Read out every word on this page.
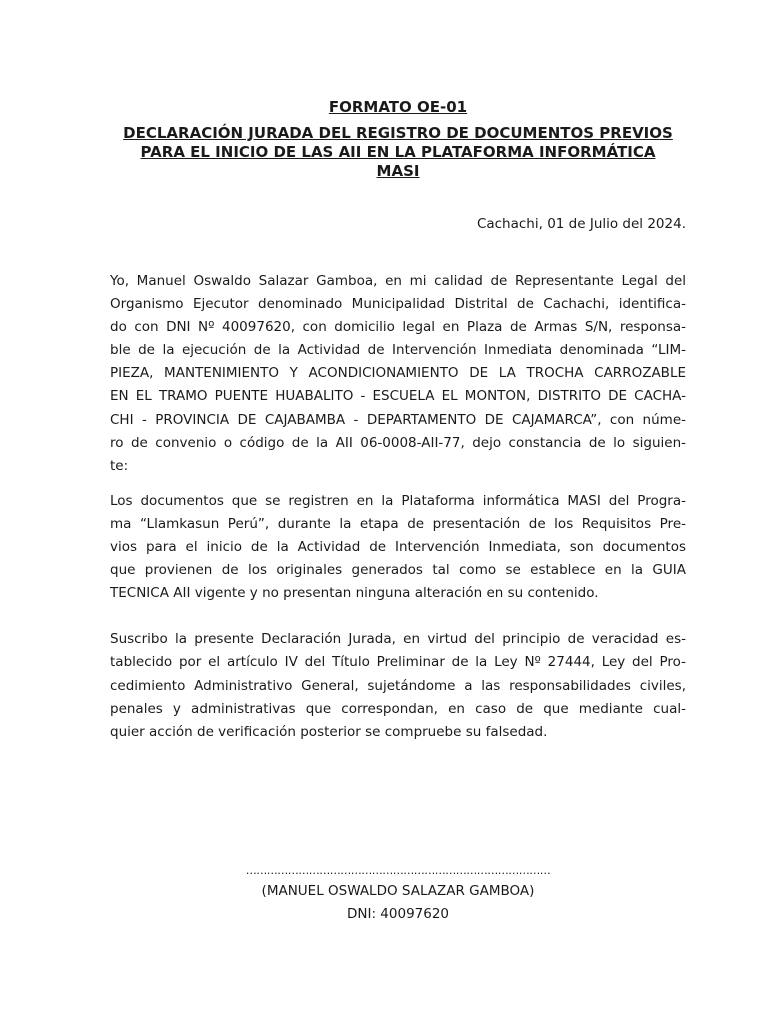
FORMATO OE-01

DECLARACIÓN JURADA DEL REGISTRO DE DOCUMENTOS PREVIOS
PARA EL INICIO DE LAS AII EN LA PLATAFORMA INFORMÁTICA
MASI

Cachachi, 01 de Julio del 2024.

Yo, Manuel Oswaldo Salazar Gamboa, en mi calidad de Representante Legal del
Organismo Ejecutor denominado Municipalidad Distrital de Cachachi, identifica-
do con DNI Nº 40097620, con domicilio legal en Plaza de Armas S/N, responsa-
ble de la ejecución de la Actividad de Intervención Inmediata denominada “LIM-
PIEZA, MANTENIMIENTO Y ACONDICIONAMIENTO DE LA TROCHA CARROZABLE
EN EL TRAMO PUENTE HUABALITO - ESCUELA EL MONTON, DISTRITO DE CACHA-
CHI - PROVINCIA DE CAJABAMBA - DEPARTAMENTO DE CAJAMARCA”, con núme-
ro de convenio o código de la AII 06-0008-AII-77, dejo constancia de lo siguien-
te:
Los documentos que se registren en la Plataforma informática MASI del Progra-
ma “Llamkasun Perú”, durante la etapa de presentación de los Requisitos Pre-
vios para el inicio de la Actividad de Intervención Inmediata, son documentos
que provienen de los originales generados tal como se establece en la GUIA
TECNICA AII vigente y no presentan ninguna alteración en su contenido.
Suscribo la presente Declaración Jurada, en virtud del principio de veracidad es-
tablecido por el artículo IV del Título Preliminar de la Ley Nº 27444, Ley del Pro-
cedimiento Administrativo General, sujetándome a las responsabilidades civiles,
penales y administrativas que correspondan, en caso de que mediante cual-
quier acción de verificación posterior se compruebe su falsedad.
……………………………………………………………………………
(MANUEL OSWALDO SALAZAR GAMBOA)
DNI: 40097620
